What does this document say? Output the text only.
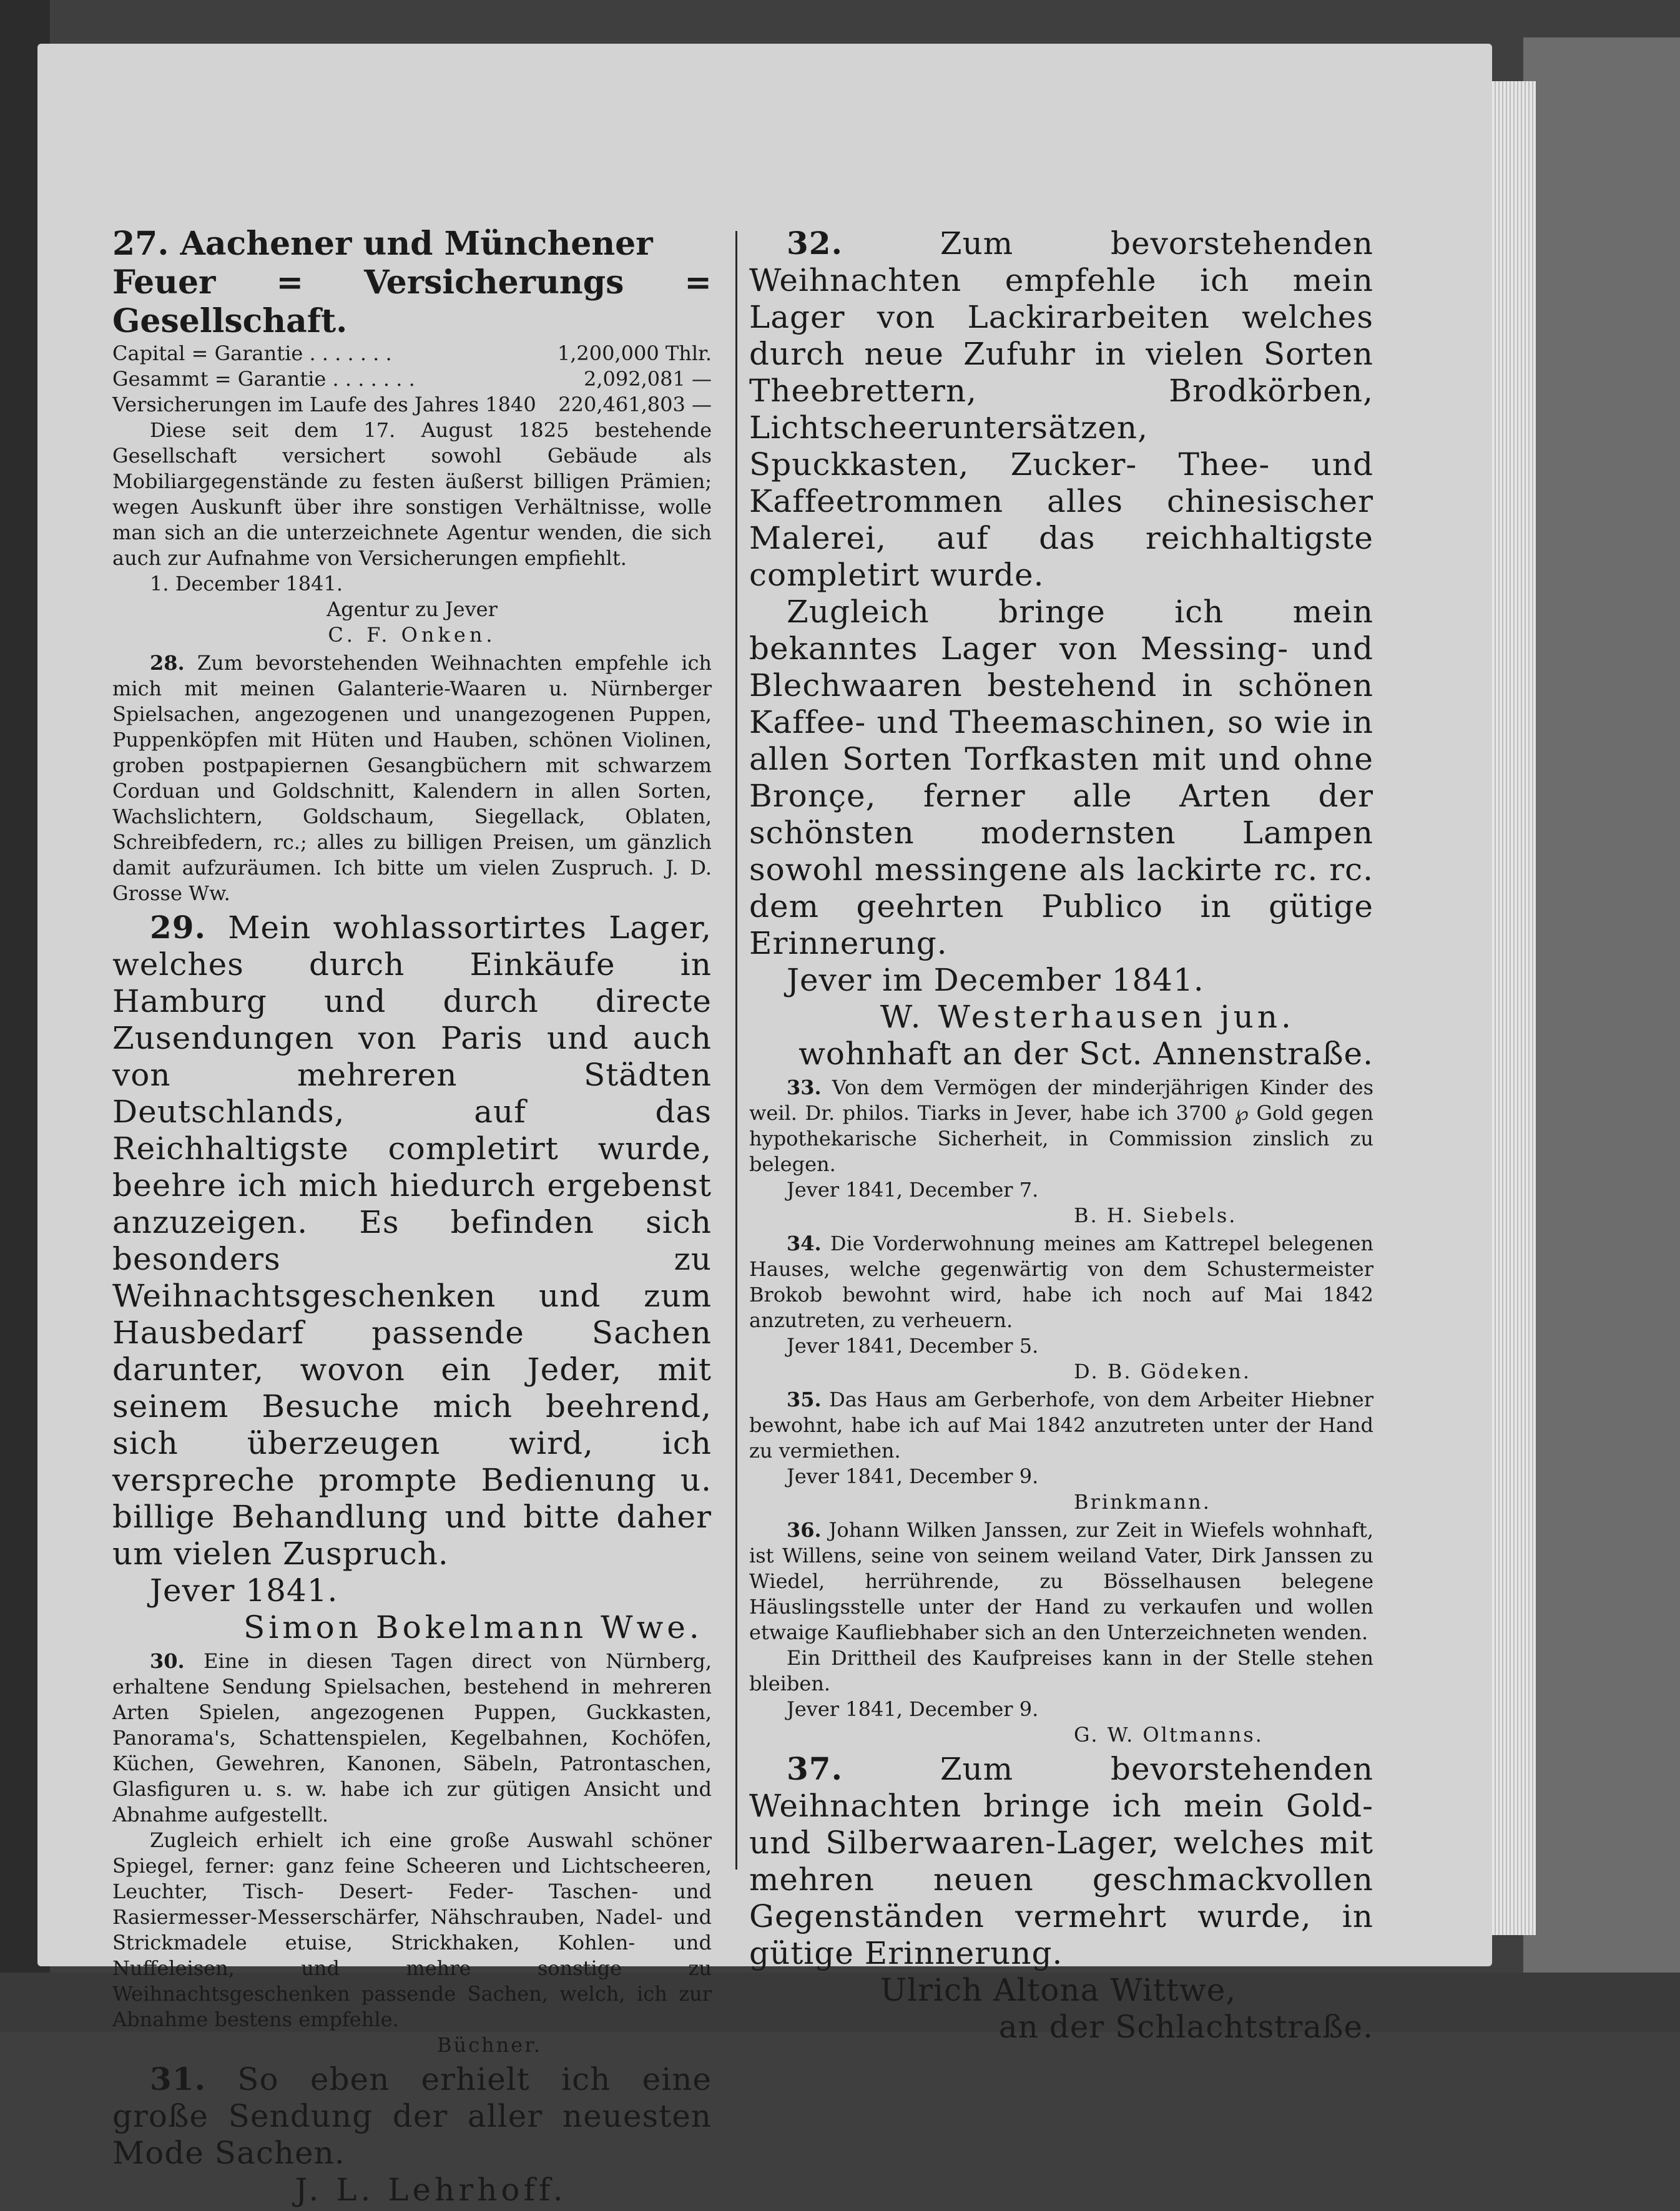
27. Aachener und Münchener
Feuer = Versicherungs = Gesellschaft.
Capital = Garantie . . . . . . .	1,200,000 Thlr.
Gesammt = Garantie . . . . . . .	2,092,081 —
Versicherungen im Laufe des Jahres 1840	220,461,803 —
Diese seit dem 17. August 1825 bestehende Gesellschaft versichert sowohl Gebäude als Mobiliargegenstände zu festen äußerst billigen Prämien; wegen Auskunft über ihre sonstigen Verhältnisse, wolle man sich an die unterzeichnete Agentur wenden, die sich auch zur Aufnahme von Versicherungen empfiehlt.
1. December 1841.
Agentur zu Jever
C. F. Onken.
28. Zum bevorstehenden Weihnachten empfehle ich mich mit meinen Galanterie-Waaren u. Nürnberger Spielsachen, angezogenen und unangezogenen Puppen, Puppenköpfen mit Hüten und Hauben, schönen Violinen, groben postpapiernen Gesangbüchern mit schwarzem Corduan und Goldschnitt, Kalendern in allen Sorten, Wachslichtern, Goldschaum, Siegellack, Oblaten, Schreibfedern, rc.; alles zu billigen Preisen, um gänzlich damit aufzuräumen. Ich bitte um vielen Zuspruch. J. D. Grosse Ww.
29. Mein wohlassortirtes Lager, welches durch Einkäufe in Hamburg und durch directe Zusendungen von Paris und auch von mehreren Städten Deutschlands, auf das Reichhaltigste completirt wurde, beehre ich mich hiedurch ergebenst anzuzeigen. Es befinden sich besonders zu Weihnachtsgeschenken und zum Hausbedarf passende Sachen darunter, wovon ein Jeder, mit seinem Besuche mich beehrend, sich überzeugen wird, ich verspreche prompte Bedienung u. billige Behandlung und bitte daher um vielen Zuspruch.
Jever 1841.
Simon Bokelmann Wwe.
30. Eine in diesen Tagen direct von Nürnberg, erhaltene Sendung Spielsachen, bestehend in mehreren Arten Spielen, angezogenen Puppen, Guckkasten, Panorama's, Schattenspielen, Kegelbahnen, Kochöfen, Küchen, Gewehren, Kanonen, Säbeln, Patrontaschen, Glasfiguren u. s. w. habe ich zur gütigen Ansicht und Abnahme aufgestellt.
Zugleich erhielt ich eine große Auswahl schöner Spiegel, ferner: ganz feine Scheeren und Lichtscheeren, Leuchter, Tisch- Desert- Feder- Taschen- und Rasiermesser-Messerschärfer, Nähschrauben, Nadel- und Strickmadele etuise, Strickhaken, Kohlen- und Nuffeleisen, und mehre sonstige zu Weihnachtsgeschenken passende Sachen, welch, ich zur Abnahme bestens empfehle.
Büchner.
31. So eben erhielt ich eine große Sendung der aller neuesten Mode Sachen.
J. L. Lehrhoff.
32.	Zum bevorstehenden Weihnachten empfehle ich mein Lager von Lackirarbeiten welches durch neue Zufuhr in vielen Sorten Theebrettern, Brodkörben, Lichtscheeruntersätzen, Spuckkasten, Zucker- Thee- und Kaffeetrommen alles chinesischer Malerei, auf das reichhaltigste completirt wurde.
Zugleich bringe ich mein bekanntes Lager von Messing- und Blechwaaren bestehend in schönen Kaffee- und Theemaschinen, so wie in allen Sorten Torfkasten mit und ohne Bronçe, ferner alle Arten der schönsten modernsten Lampen sowohl messingene als lackirte rc. rc. dem geehrten Publico in gütige Erinnerung.
Jever im December 1841.
W. Westerhausen jun.
wohnhaft an der Sct. Annenstraße.
33. Von dem Vermögen der minderjährigen Kinder des weil. Dr. philos. Tiarks in Jever, habe ich 3700 ℘ Gold gegen hypothekarische Sicherheit, in Commission zinslich zu belegen.
Jever 1841, December 7.
B. H. Siebels.
34. Die Vorderwohnung meines am Kattrepel belegenen Hauses, welche gegenwärtig von dem Schustermeister Brokob bewohnt wird, habe ich noch auf Mai 1842 anzutreten, zu verheuern.
Jever 1841, December 5.
D. B. Gödeken.
35. Das Haus am Gerberhofe, von dem Arbeiter Hiebner bewohnt, habe ich auf Mai 1842 anzutreten unter der Hand zu vermiethen.
Jever 1841, December 9.
Brinkmann.
36. Johann Wilken Janssen, zur Zeit in Wiefels wohnhaft, ist Willens, seine von seinem weiland Vater, Dirk Janssen zu Wiedel, herrührende, zu Bösselhausen belegene Häuslingsstelle unter der Hand zu verkaufen und wollen etwaige Kaufliebhaber sich an den Unterzeichneten wenden.
Ein Drittheil des Kaufpreises kann in der Stelle stehen bleiben.
Jever 1841, December 9.
G. W. Oltmanns.
37.	Zum bevorstehenden Weihnachten bringe ich mein Gold- und Silberwaaren-Lager, welches mit mehren neuen geschmackvollen Gegenständen vermehrt wurde, in gütige Erinnerung.
Ulrich Altona Wittwe,
an der Schlachtstraße.
